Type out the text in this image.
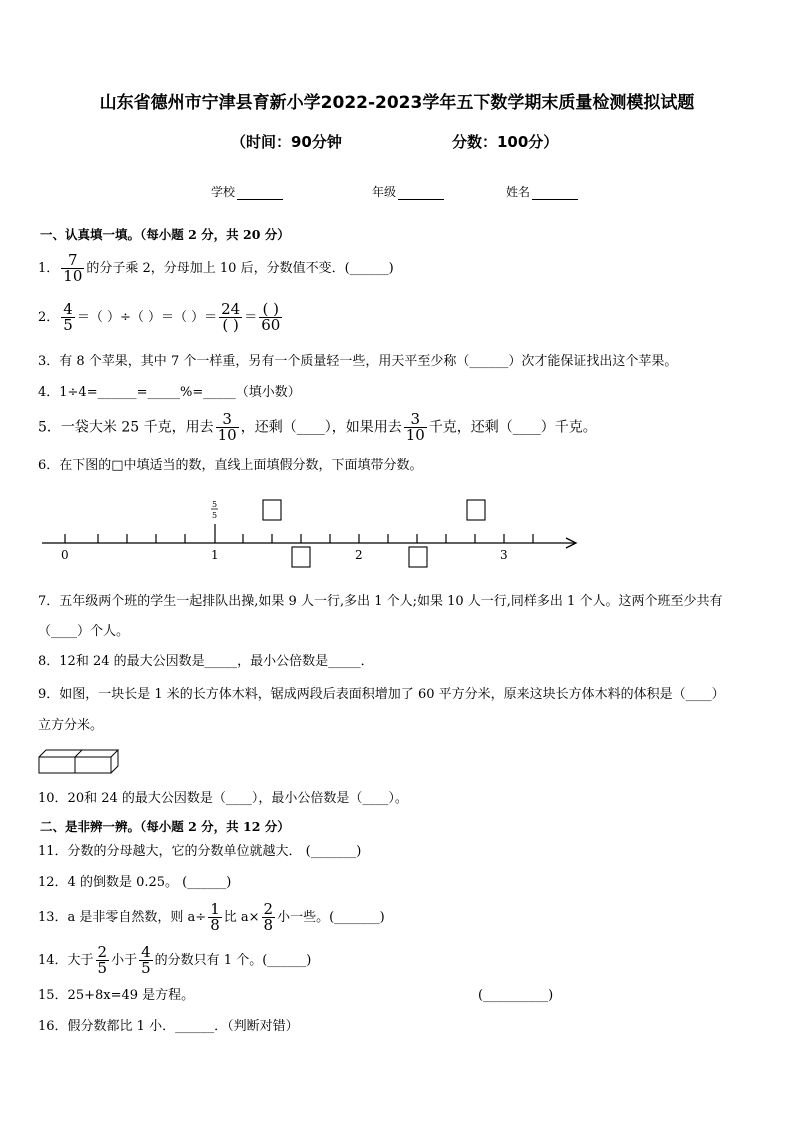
山东省德州市宁津县育新小学2022-2023学年五下数学期末质量检测模拟试题
（时间：90分钟	分数：100分）
学校	年级	姓名
一、认真填一填。（每小题 2 分，共 20 分）
1． $\frac{7}{10}$ 的分子乘 2，分母加上 10 后，分数值不变．(______)
2． $\frac{4}{5}$ ＝（ ）÷（ ）＝（ ）＝ $\frac{24}{( )} = \frac{( )}{60}$
3．有 8 个苹果，其中 7 个一样重，另有一个质量轻一些，用天平至少称（______）次才能保证找出这个苹果。
4．1÷4=______=_____%=_____（填小数）
5．一袋大米 25 千克，用去 $\frac{3}{10}$ ，还剩（____），如果用去 $\frac{3}{10}$ 千克，还剩（____）千克。
6．在下图的□中填适当的数，直线上面填假分数，下面填带分数。
0	1	2	3
5
5
7．五年级两个班的学生一起排队出操,如果 9 人一行,多出 1 个人;如果 10 人一行,同样多出 1 个人。这两个班至少共有
（____）个人。
8．12和 24 的最大公因数是_____，最小公倍数是_____．
9．如图，一块长是 1 米的长方体木料，锯成两段后表面积增加了 60 平方分米，原来这块长方体木料的体积是（____）
立方分米。
10．20和 24 的最大公因数是（____），最小公倍数是（____）。
二、是非辨一辨。（每小题 2 分，共 12 分）
11．分数的分母越大，它的分数单位就越大． (_______)
12．4 的倒数是 0.25。 (______)
13．a 是非零自然数，则 $a\div \frac{1}{8}$ 比 $a\times \frac{2}{8}$ 小一些。(_______)
14．大于 $\frac{2}{5}$ 小于 $\frac{4}{5}$ 的分数只有 1 个。(______)
15．25+8x=49 是方程。	(__________)
16．假分数都比 1 小．______．（判断对错）
